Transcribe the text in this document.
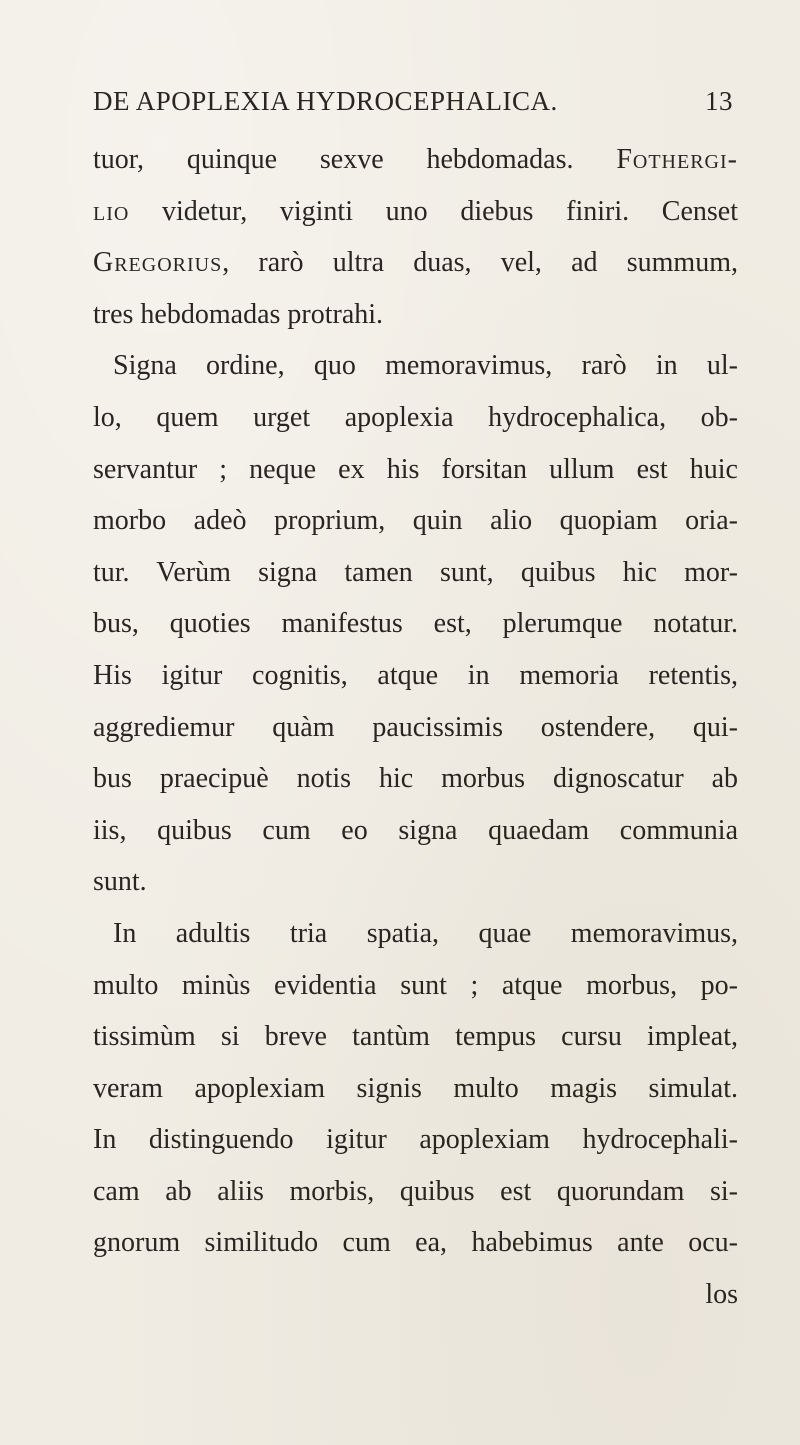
DE APOPLEXIA HYDROCEPHALICA.	13
tuor, quinque sexve hebdomadas. Fothergi-
lio videtur, viginti uno diebus finiri. Censet
Gregorius, rarò ultra duas, vel, ad summum,
tres hebdomadas protrahi.
Signa ordine, quo memoravimus, rarò in ul-
lo, quem urget apoplexia hydrocephalica, ob-
servantur ; neque ex his forsitan ullum est huic
morbo adeò proprium, quin alio quopiam oria-
tur. Verùm signa tamen sunt, quibus hic mor-
bus, quoties manifestus est, plerumque notatur.
His igitur cognitis, atque in memoria retentis,
aggrediemur quàm paucissimis ostendere, qui-
bus praecipuè notis hic morbus dignoscatur ab
iis, quibus cum eo signa quaedam communia
sunt.
In adultis tria spatia, quae memoravimus,
multo minùs evidentia sunt ; atque morbus, po-
tissimùm si breve tantùm tempus cursu impleat,
veram apoplexiam signis multo magis simulat.
In distinguendo igitur apoplexiam hydrocephali-
cam ab aliis morbis, quibus est quorundam si-
gnorum similitudo cum ea, habebimus ante ocu-
los
